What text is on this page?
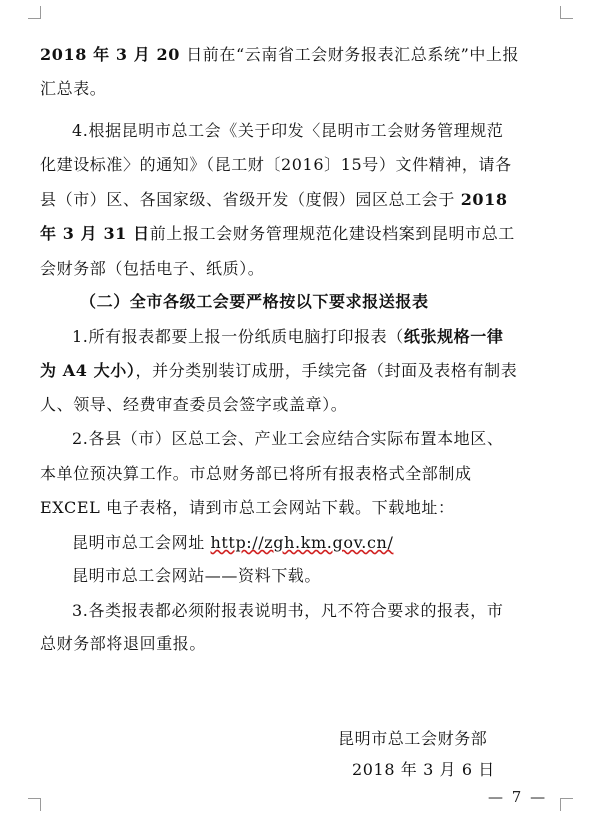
2018 年 3 月 20 日前在“云南省工会财务报表汇总系统”中上报
汇总表。
4.根据昆明市总工会《关于印发〈昆明市工会财务管理规范
化建设标准〉的通知》（昆工财〔2016〕15号）文件精神，请各
县（市）区、各国家级、省级开发（度假）园区总工会于 2018
年 3 月 31 日前上报工会财务管理规范化建设档案到昆明市总工
会财务部（包括电子、纸质）。
（二）全市各级工会要严格按以下要求报送报表
1.所有报表都要上报一份纸质电脑打印报表（纸张规格一律
为 A4 大小），并分类别装订成册，手续完备（封面及表格有制表
人、领导、经费审查委员会签字或盖章）。
2.各县（市）区总工会、产业工会应结合实际布置本地区、
本单位预决算工作。市总财务部已将所有报表格式全部制成
EXCEL 电子表格，请到市总工会网站下载。下载地址：
昆明市总工会网址 http://zgh.km.gov.cn/
昆明市总工会网站——资料下载。
3.各类报表都必须附报表说明书，凡不符合要求的报表，市
总财务部将退回重报。
— 7 —
昆明市总工会财务部
2018 年 3 月 6 日
